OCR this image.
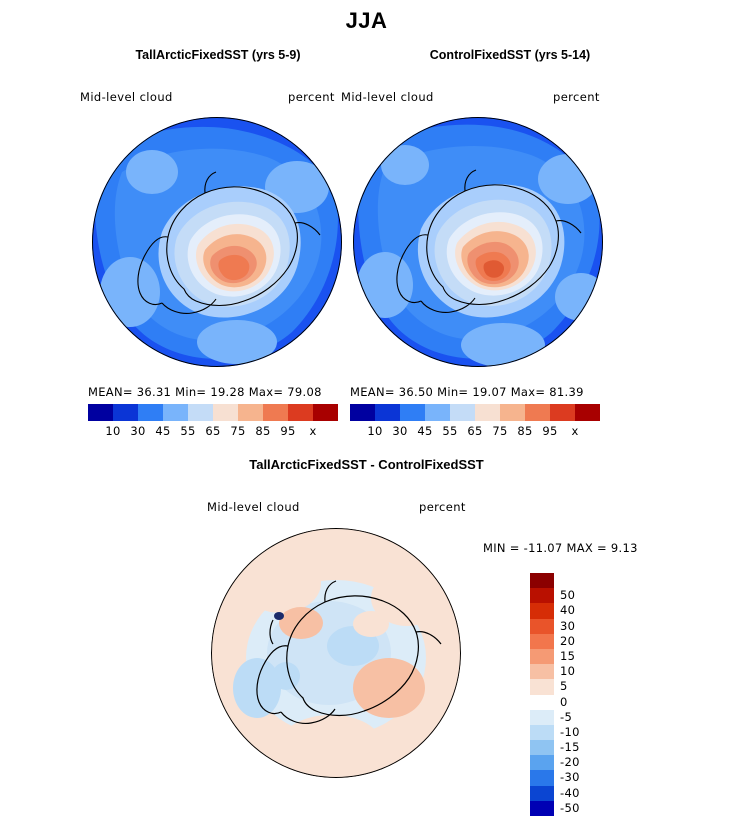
JJA
TallArcticFixedSST (yrs 5-9)
Mid-level cloud	percent
MEAN= 36.31 Min= 19.28 Max= 79.08
10 30 45 55 65 75 85 95	x
ControlFixedSST (yrs 5-14)
Mid-level cloud	percent
MEAN= 36.50 Min= 19.07 Max= 81.39
10 30 45 55 65 75 85 95	x
TallArcticFixedSST - ControlFixedSST
Mid-level cloud	percent
MIN = -11.07 MAX = 9.13
50
40
30
20
15
10
5
0
-5
-10
-15
-20
-30
-40
-50
